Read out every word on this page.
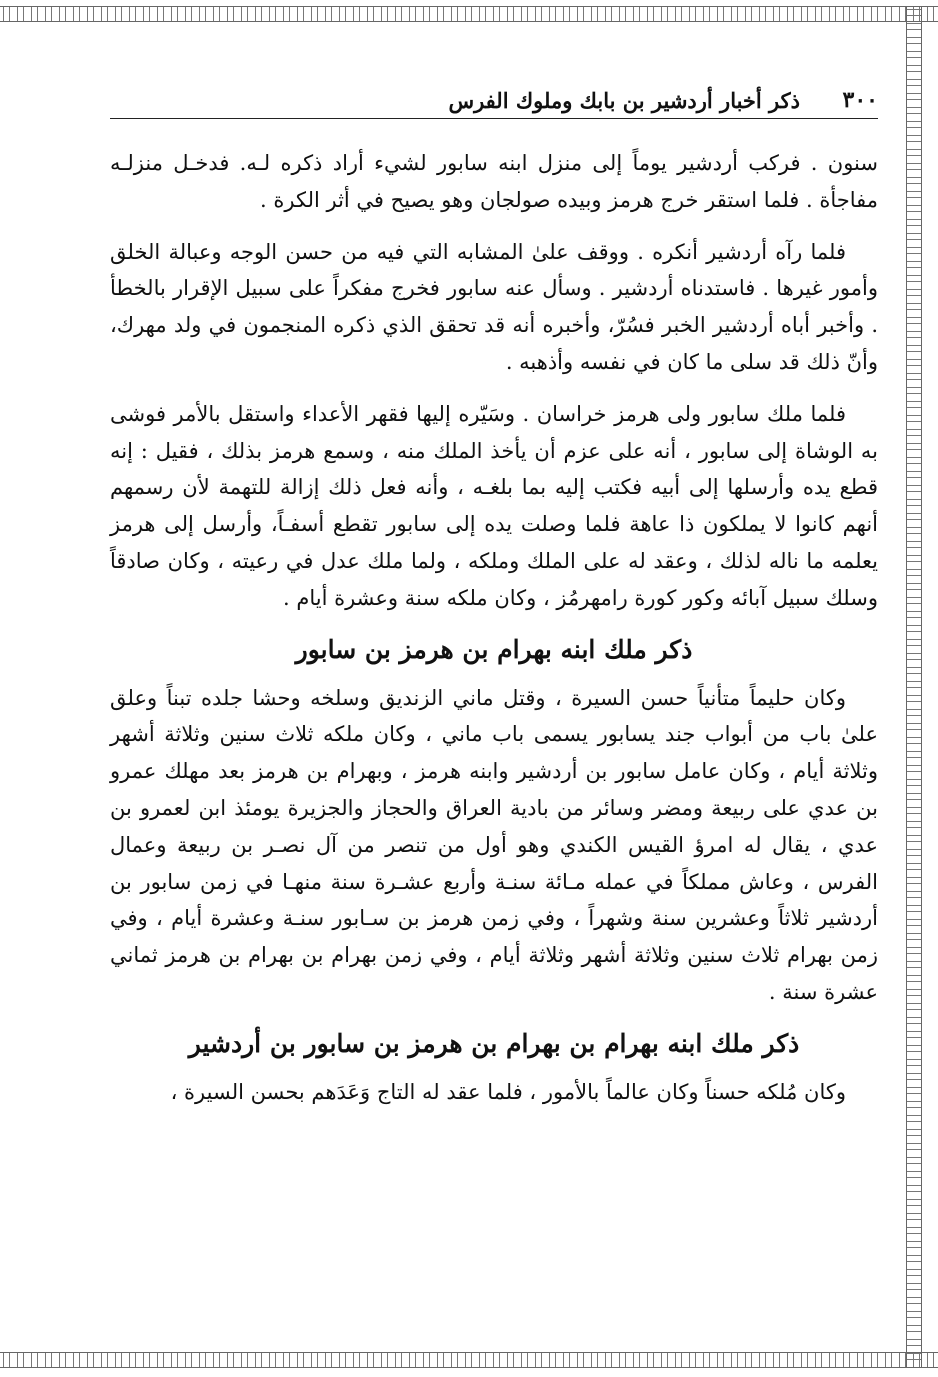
ذكر أخبار أردشير بن بابك وملوك الفرس ٣٠٠

سنون . فركب أردشير يوماً إلى منزل ابنه سابور لشيء أراد ذكره لـه. فدخـل منزلـه مفاجأة . فلما استقر خرج هرمز وبيده صولجان وهو يصيح في أثر الكرة .

فلما رآه أردشير أنكره . ووقف علىٰ المشابه التي فيه من حسن الوجه وعبالة الخلق وأمور غيرها . فاستدناه أردشير . وسأل عنه سابور فخرج مفكراً على سبيل الإقرار بالخطأ . وأخبر أباه أردشير الخبر فسُرّ، وأخبره أنه قد تحقق الذي ذكره المنجمون في ولد مهرك، وأنّ ذلك قد سلى ما كان في نفسه وأذهبه .

فلما ملك سابور ولى هرمز خراسان . وسَيّره إليها فقهر الأعداء واستقل بالأمر فوشى به الوشاة إلى سابور ، أنه على عزم أن يأخذ الملك منه ، وسمع هرمز بذلك ، فقيل : إنه قطع يده وأرسلها إلى أبيه فكتب إليه بما بلغـه ، وأنه فعل ذلك إزالة للتهمة لأن رسمهم أنهم كانوا لا يملكون ذا عاهة فلما وصلت يده إلى سابور تقطع أسفـاً، وأرسل إلى هرمز يعلمه ما ناله لذلك ، وعقد له على الملك وملكه ، ولما ملك عدل في رعيته ، وكان صادقاً وسلك سبيل آبائه وكور كورة رامهرمُز ، وكان ملكه سنة وعشرة أيام .

ذكر ملك ابنه بهرام بن هرمز بن سابور

وكان حليماً متأنياً حسن السيرة ، وقتل ماني الزنديق وسلخه وحشا جلده تبناً وعلق علىٰ باب من أبواب جند يسابور يسمى باب ماني ، وكان ملكه ثلاث سنين وثلاثة أشهر وثلاثة أيام ، وكان عامل سابور بن أردشير وابنه هرمز ، وبهرام بن هرمز بعد مهلك عمرو بن عدي على ربيعة ومضر وسائر من بادية العراق والحجاز والجزيرة يومئذ ابن لعمرو بن عدي ، يقال له امرؤ القيس الكندي وهو أول من تنصر من آل نصـر بن ربيعة وعمال الفرس ، وعاش مملكاً في عمله مـائة سنـة وأربع عشـرة سنة منهـا في زمن سابور بن أردشير ثلاثاً وعشرين سنة وشهراً ، وفي زمن هرمز بن سـابور سنـة وعشرة أيام ، وفي زمن بهرام ثلاث سنين وثلاثة أشهر وثلاثة أيام ، وفي زمن بهرام بن بهرام بن هرمز ثماني عشرة سنة .

ذكر ملك ابنه بهرام بن بهرام بن هرمز بن سابور بن أردشير

وكان مُلكه حسناً وكان عالماً بالأمور ، فلما عقد له التاج وَعَدَهم بحسن السيرة ،
